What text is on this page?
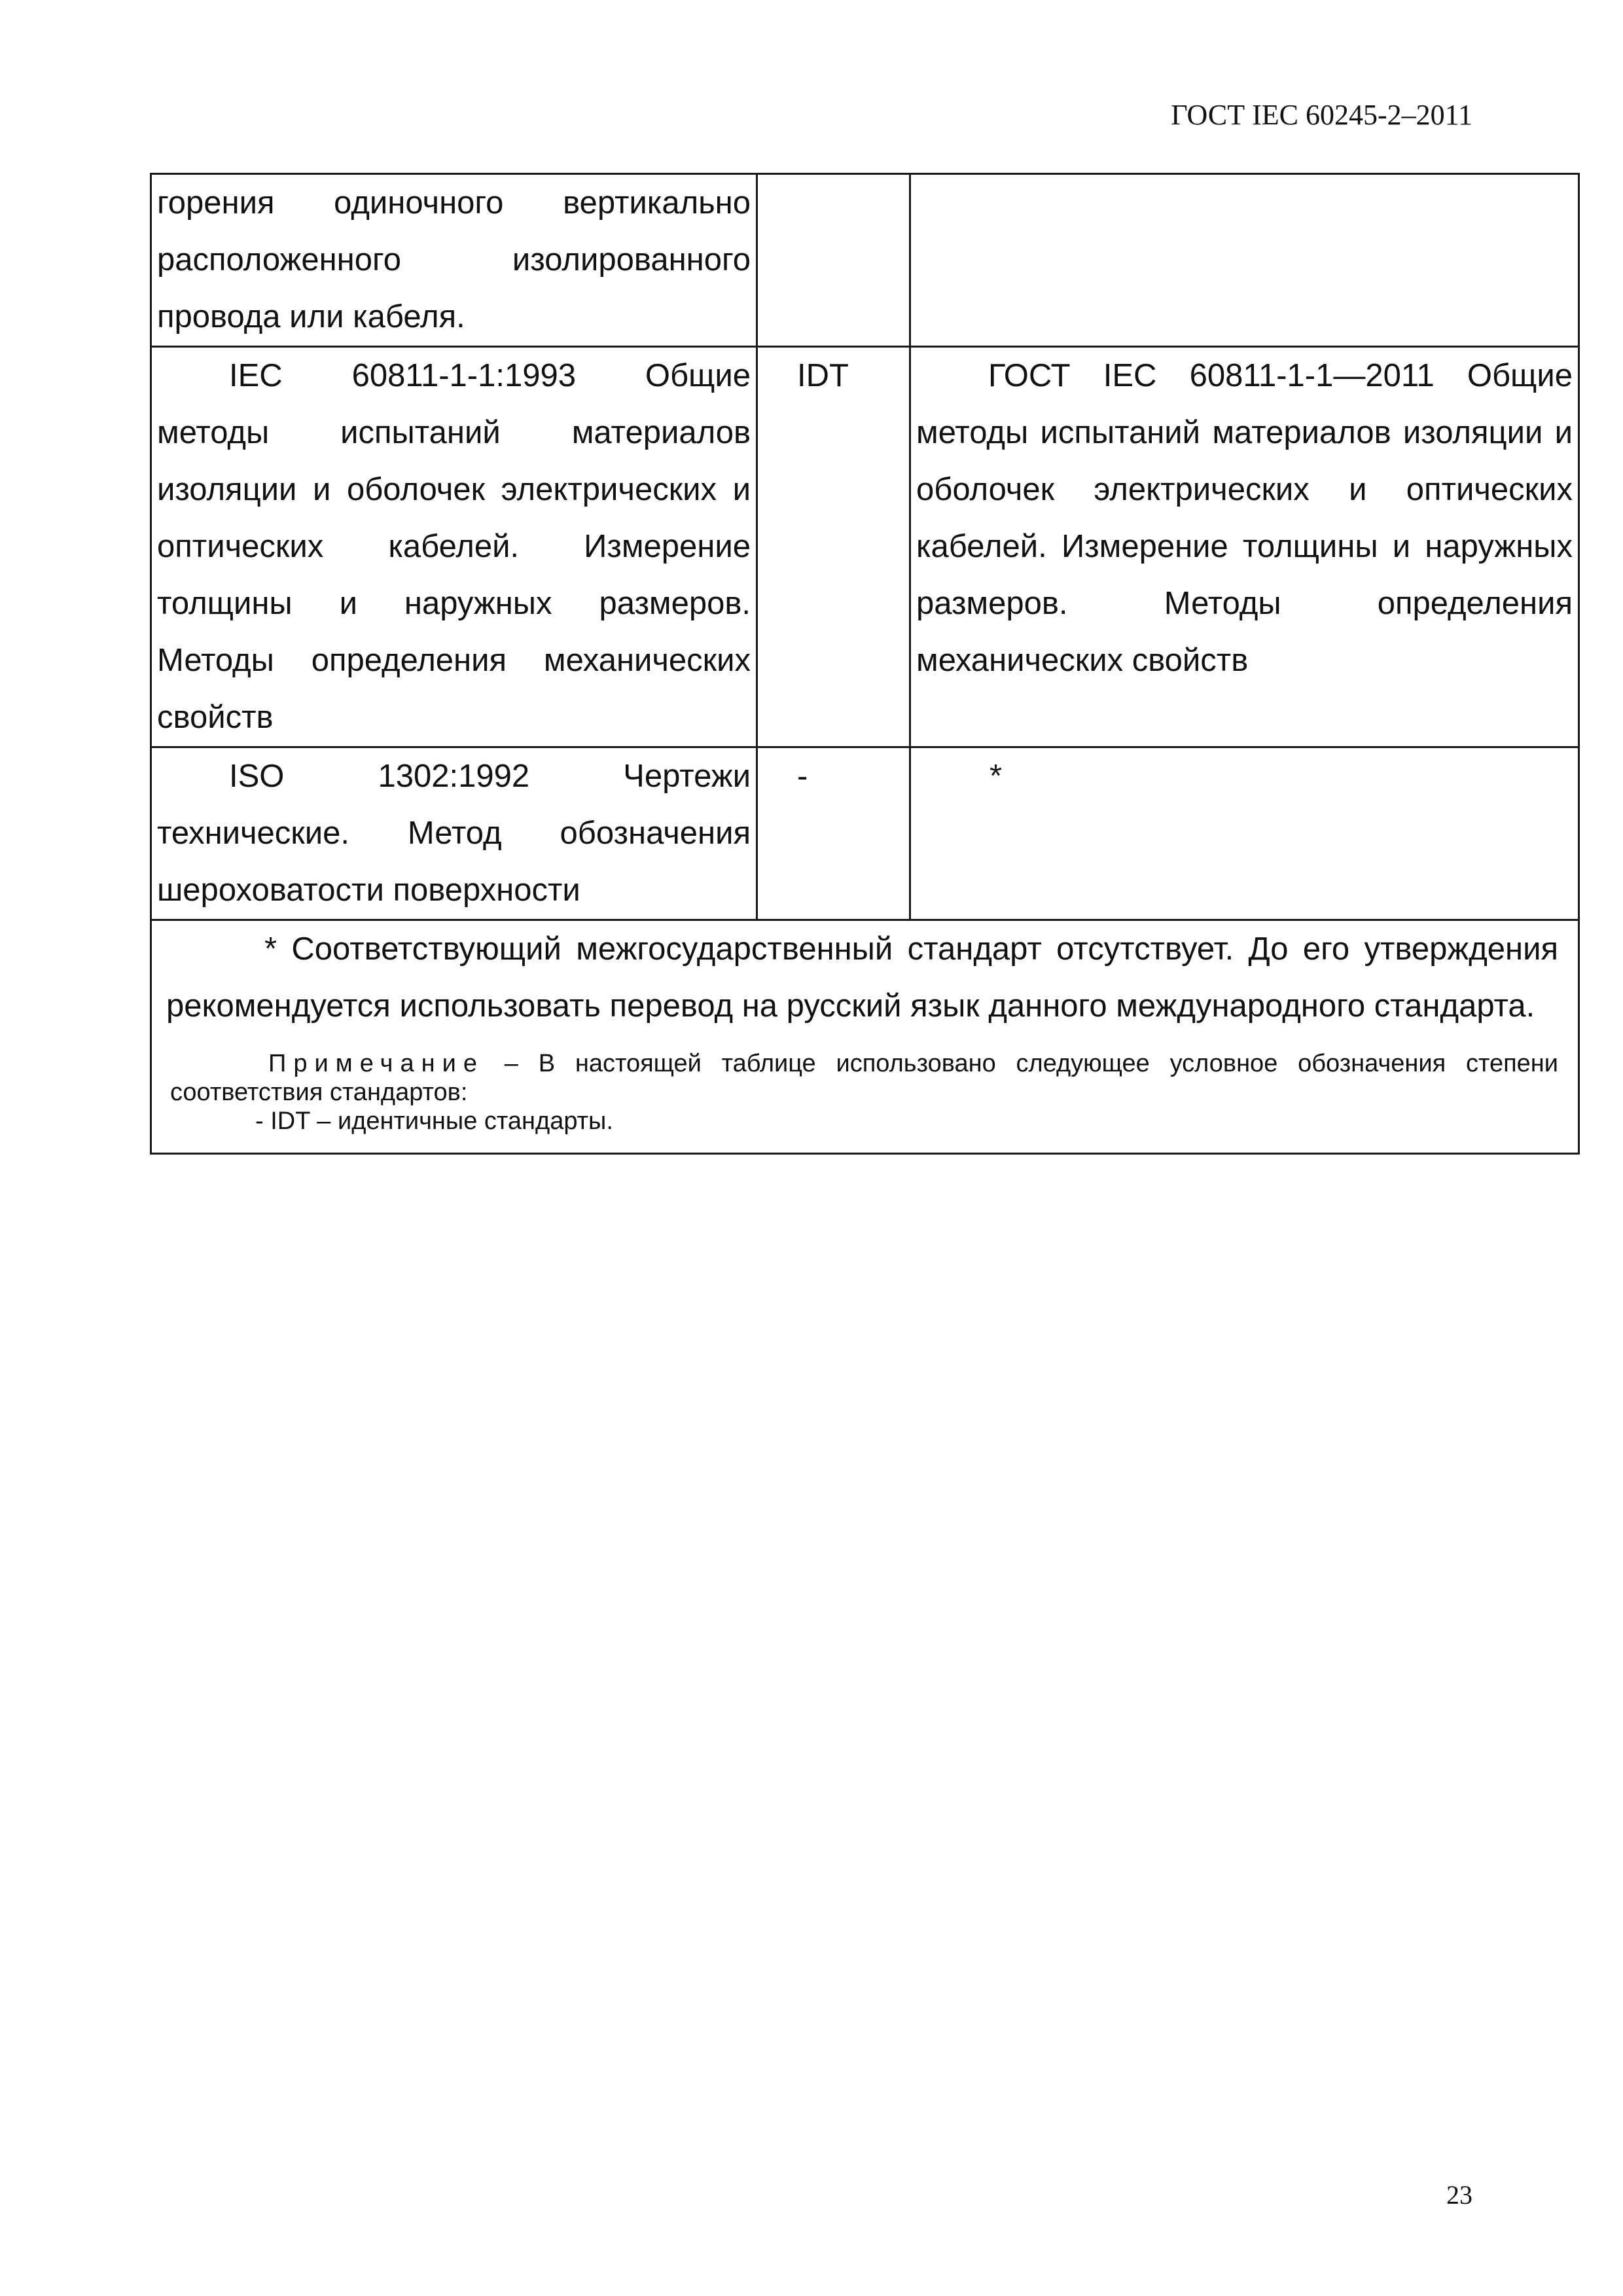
ГОСТ IEC 60245-2–2011
горения одиночного вертикально расположенного изолированного провода или кабеля.		

IEC 60811-1-1:1993 Общие методы испытаний материалов изоляции и оболочек электрических и оптических кабелей. Измерение толщины и наружных размеров. Методы определения механических свойств	IDT	ГОСТ IEC 60811-1-1—2011 Общие методы испытаний материалов изоляции и оболочек электрических и оптических кабелей. Измерение толщины и наружных размеров. Методы определения механических свойств

ISO 1302:1992 Чертежи технические. Метод обозначения шероховатости поверхности	-	*

* Соответствующий межгосударственный стандарт отсутствует. До его утверждения рекомендуется использовать перевод на русский язык данного международного стандарта.

Примечание – В настоящей таблице использовано следующее условное обозначения степени соответствия стандартов:

- IDT – идентичные стандарты.		

23
